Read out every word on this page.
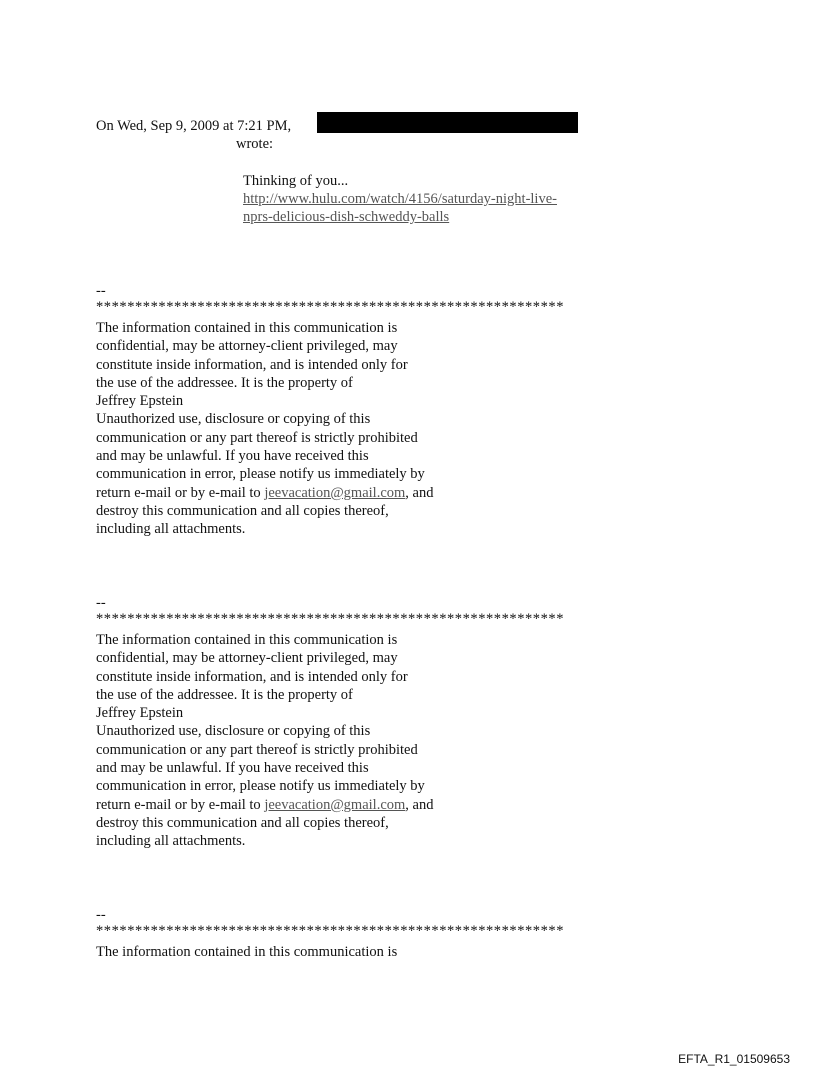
On Wed, Sep 9, 2009 at 7:21 PM,
wrote:
Thinking of you...
http://www.hulu.com/watch/4156/saturday-night-live-
nprs-delicious-dish-schweddy-balls
--
************************************************************
The information contained in this communication is
confidential, may be attorney-client privileged, may
constitute inside information, and is intended only for
the use of the addressee. It is the property of
Jeffrey Epstein
Unauthorized use, disclosure or copying of this
communication or any part thereof is strictly prohibited
and may be unlawful. If you have received this
communication in error, please notify us immediately by
return e-mail or by e-mail to jeevacation@gmail.com, and
destroy this communication and all copies thereof,
including all attachments.
--
************************************************************
The information contained in this communication is
confidential, may be attorney-client privileged, may
constitute inside information, and is intended only for
the use of the addressee. It is the property of
Jeffrey Epstein
Unauthorized use, disclosure or copying of this
communication or any part thereof is strictly prohibited
and may be unlawful. If you have received this
communication in error, please notify us immediately by
return e-mail or by e-mail to jeevacation@gmail.com, and
destroy this communication and all copies thereof,
including all attachments.
--
************************************************************
The information contained in this communication is
EFTA_R1_01509653
